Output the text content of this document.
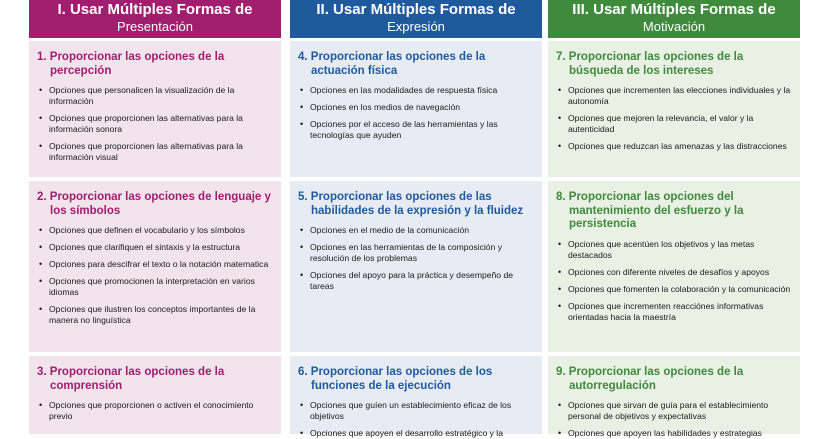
I. Usar Múltiples Formas de
Presentación
1. Proporcionar las opciones de la percepción
• Opciones que personalicen la visualización de la información
• Opciones que proporcionen las alternativas para la información sonora
• Opciones que proporcionen las alternativas para la información visual
2. Proporcionar las opciones de lenguaje y los símbolos
• Opciones que definen el vocabulario y los símbolos
• Opciones que clarifiquen el sintaxis y la estructura
• Opciones para descifrar el texto o la notación matematica
• Opciones que promocionen la interpretación en varios idiomas
• Opciones que ilustren los conceptos importantes de la manera no linguística
3. Proporcionar las opciones de la comprensión
• Opciones que proporcionen o activen el conocimiento previo
II. Usar Múltiples Formas de
Expresión
4. Proporcionar las opciones de la actuación física
• Opciones en las modalidades de respuesta física
• Opciones en los medios de navegación
• Opciones por el acceso de las herramientas y las tecnologías que ayuden
5. Proporcionar las opciones de las habilidades de la expresión y la fluidez
• Opciones en el medio de la comunicación
• Opciones en las herramientas de la composición y resolución de los problemas
• Opciones del apoyo para la práctica y desempeño de tareas
6. Proporcionar las opciones de los funciones de la ejecución
• Opciones que guíen un establecimiento eficaz de los objetivos
• Opciones que apoyen el desarrollo estratégico y la
III. Usar Múltiples Formas de
Motivación
7. Proporcionar las opciones de la búsqueda de los intereses
• Opciones que incrementen las elecciones individuales y la autonomía
• Opciones que mejoren la relevancia, el valor y la autenticidad
• Opciones que reduzcan las amenazas y las distracciones
8. Proporcionar las opciones del mantenimiento del esfuerzo y la persistencia
• Opciones que acentúen los objetivos y las metas destacados
• Opciones con diferente niveles de desafíos y apoyos
• Opciones que fomenten la colaboración y la comunicación
• Opciones que incrementen reacciónes informativas orientadas hacia la maestría
9. Proporcionar las opciones de la autorregulación
• Opciones que sirvan de guía para el establecimiento personal de objetivos y expectativas
• Opciones que apoyen las habilidades y estrategias
